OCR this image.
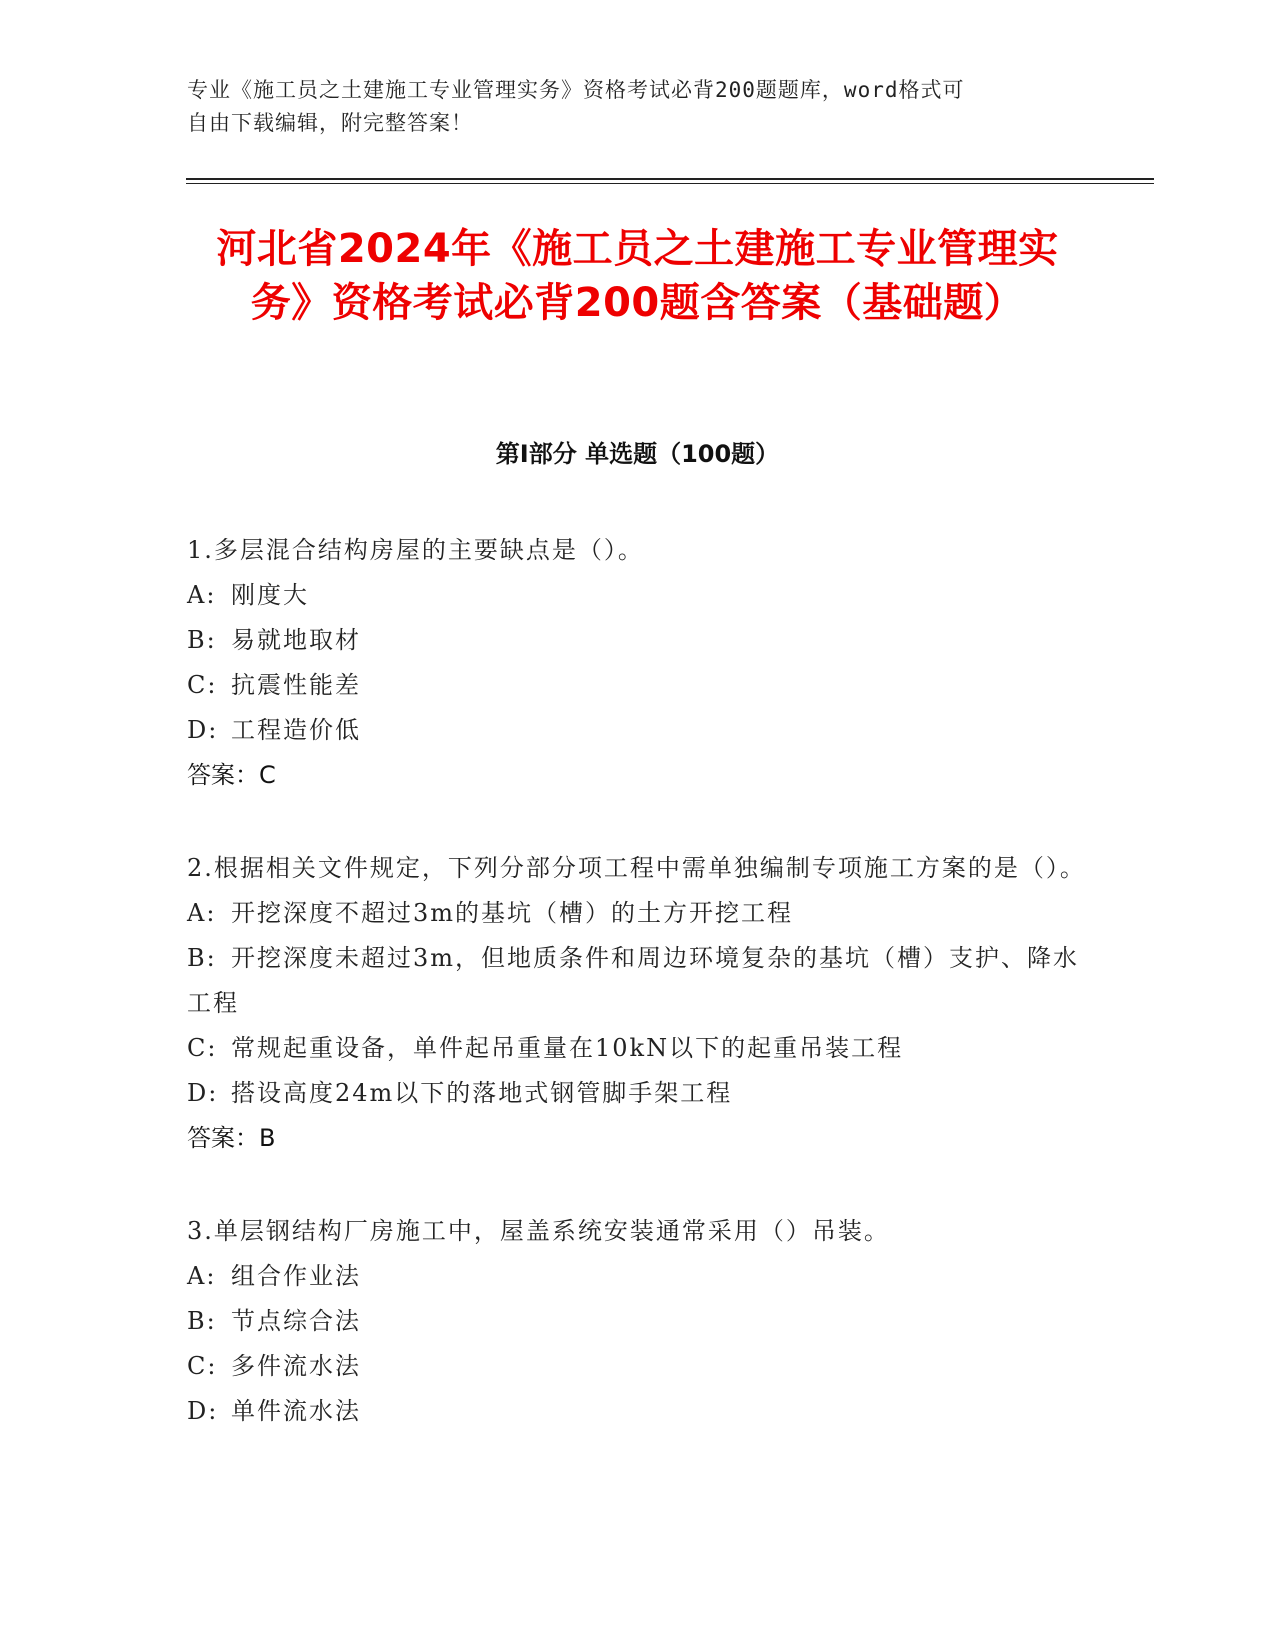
专业《施工员之土建施工专业管理实务》资格考试必背200题题库，word格式可
自由下载编辑，附完整答案！
河北省2024年《施工员之土建施工专业管理实务》资格考试必背200题含答案（基础题）
第Ⅰ部分 单选题（100题）
1.多层混合结构房屋的主要缺点是（）。
A: 刚度大
B: 易就地取材
C: 抗震性能差
D: 工程造价低
答案：C
2.根据相关文件规定，下列分部分项工程中需单独编制专项施工方案的是（）。
A: 开挖深度不超过3m的基坑（槽）的土方开挖工程
B: 开挖深度未超过3m，但地质条件和周边环境复杂的基坑（槽）支护、降水工程
C: 常规起重设备，单件起吊重量在10kN以下的起重吊装工程
D: 搭设高度24m以下的落地式钢管脚手架工程
答案：B
3.单层钢结构厂房施工中，屋盖系统安装通常采用（）吊装。
A: 组合作业法
B: 节点综合法
C: 多件流水法
D: 单件流水法
